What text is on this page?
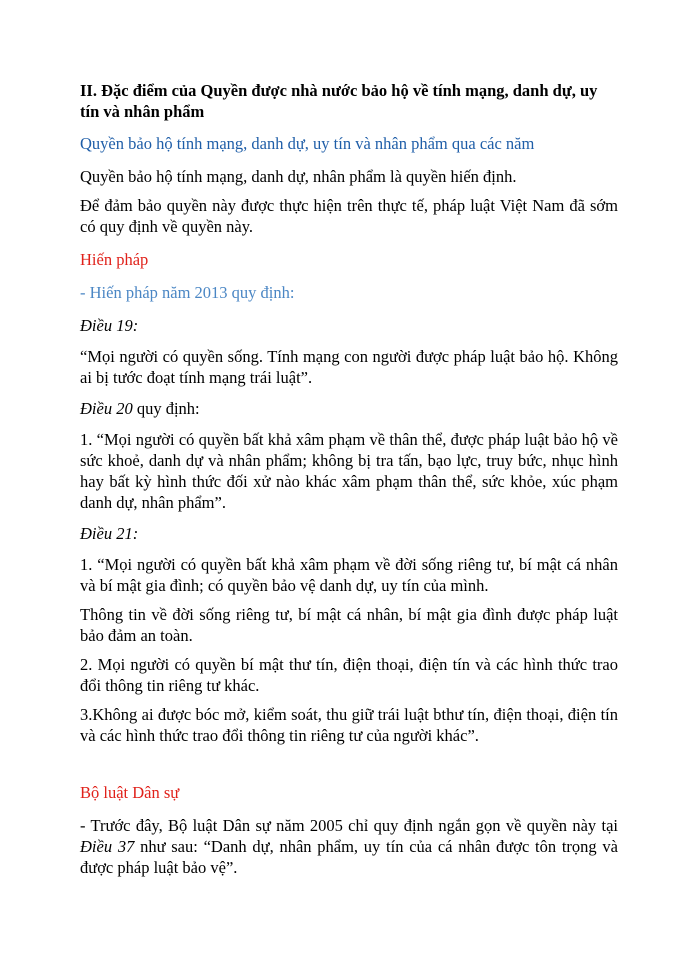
II. Đặc điểm của Quyền được nhà nước bảo hộ về tính mạng, danh dự, uy tín và nhân phẩm

Quyền bảo hộ tính mạng, danh dự, uy tín và nhân phẩm qua các năm

Quyền bảo hộ tính mạng, danh dự, nhân phẩm là quyền hiến định.

Để đảm bảo quyền này được thực hiện trên thực tế, pháp luật Việt Nam đã sớm có quy định về quyền này.

Hiến pháp

- Hiến pháp năm 2013 quy định:

Điều 19:

“Mọi người có quyền sống. Tính mạng con người được pháp luật bảo hộ. Không ai bị tước đoạt tính mạng trái luật”.

Điều 20 quy định:

1. “Mọi người có quyền bất khả xâm phạm về thân thể, được pháp luật bảo hộ về sức khoẻ, danh dự và nhân phẩm; không bị tra tấn, bạo lực, truy bức, nhục hình hay bất kỳ hình thức đối xử nào khác xâm phạm thân thể, sức khỏe, xúc phạm danh dự, nhân phẩm”.

Điều 21:

1. “Mọi người có quyền bất khả xâm phạm về đời sống riêng tư, bí mật cá nhân và bí mật gia đình; có quyền bảo vệ danh dự, uy tín của mình.

Thông tin về đời sống riêng tư, bí mật cá nhân, bí mật gia đình được pháp luật bảo đảm an toàn.

2. Mọi người có quyền bí mật thư tín, điện thoại, điện tín và các hình thức trao đổi thông tin riêng tư khác.

3.Không ai được bóc mở, kiểm soát, thu giữ trái luật bthư tín, điện thoại, điện tín và các hình thức trao đổi thông tin riêng tư của người khác”.

Bộ luật Dân sự

- Trước đây, Bộ luật Dân sự năm 2005 chỉ quy định ngắn gọn về quyền này tại Điều 37 như sau: “Danh dự, nhân phẩm, uy tín của cá nhân được tôn trọng và được pháp luật bảo vệ”.
